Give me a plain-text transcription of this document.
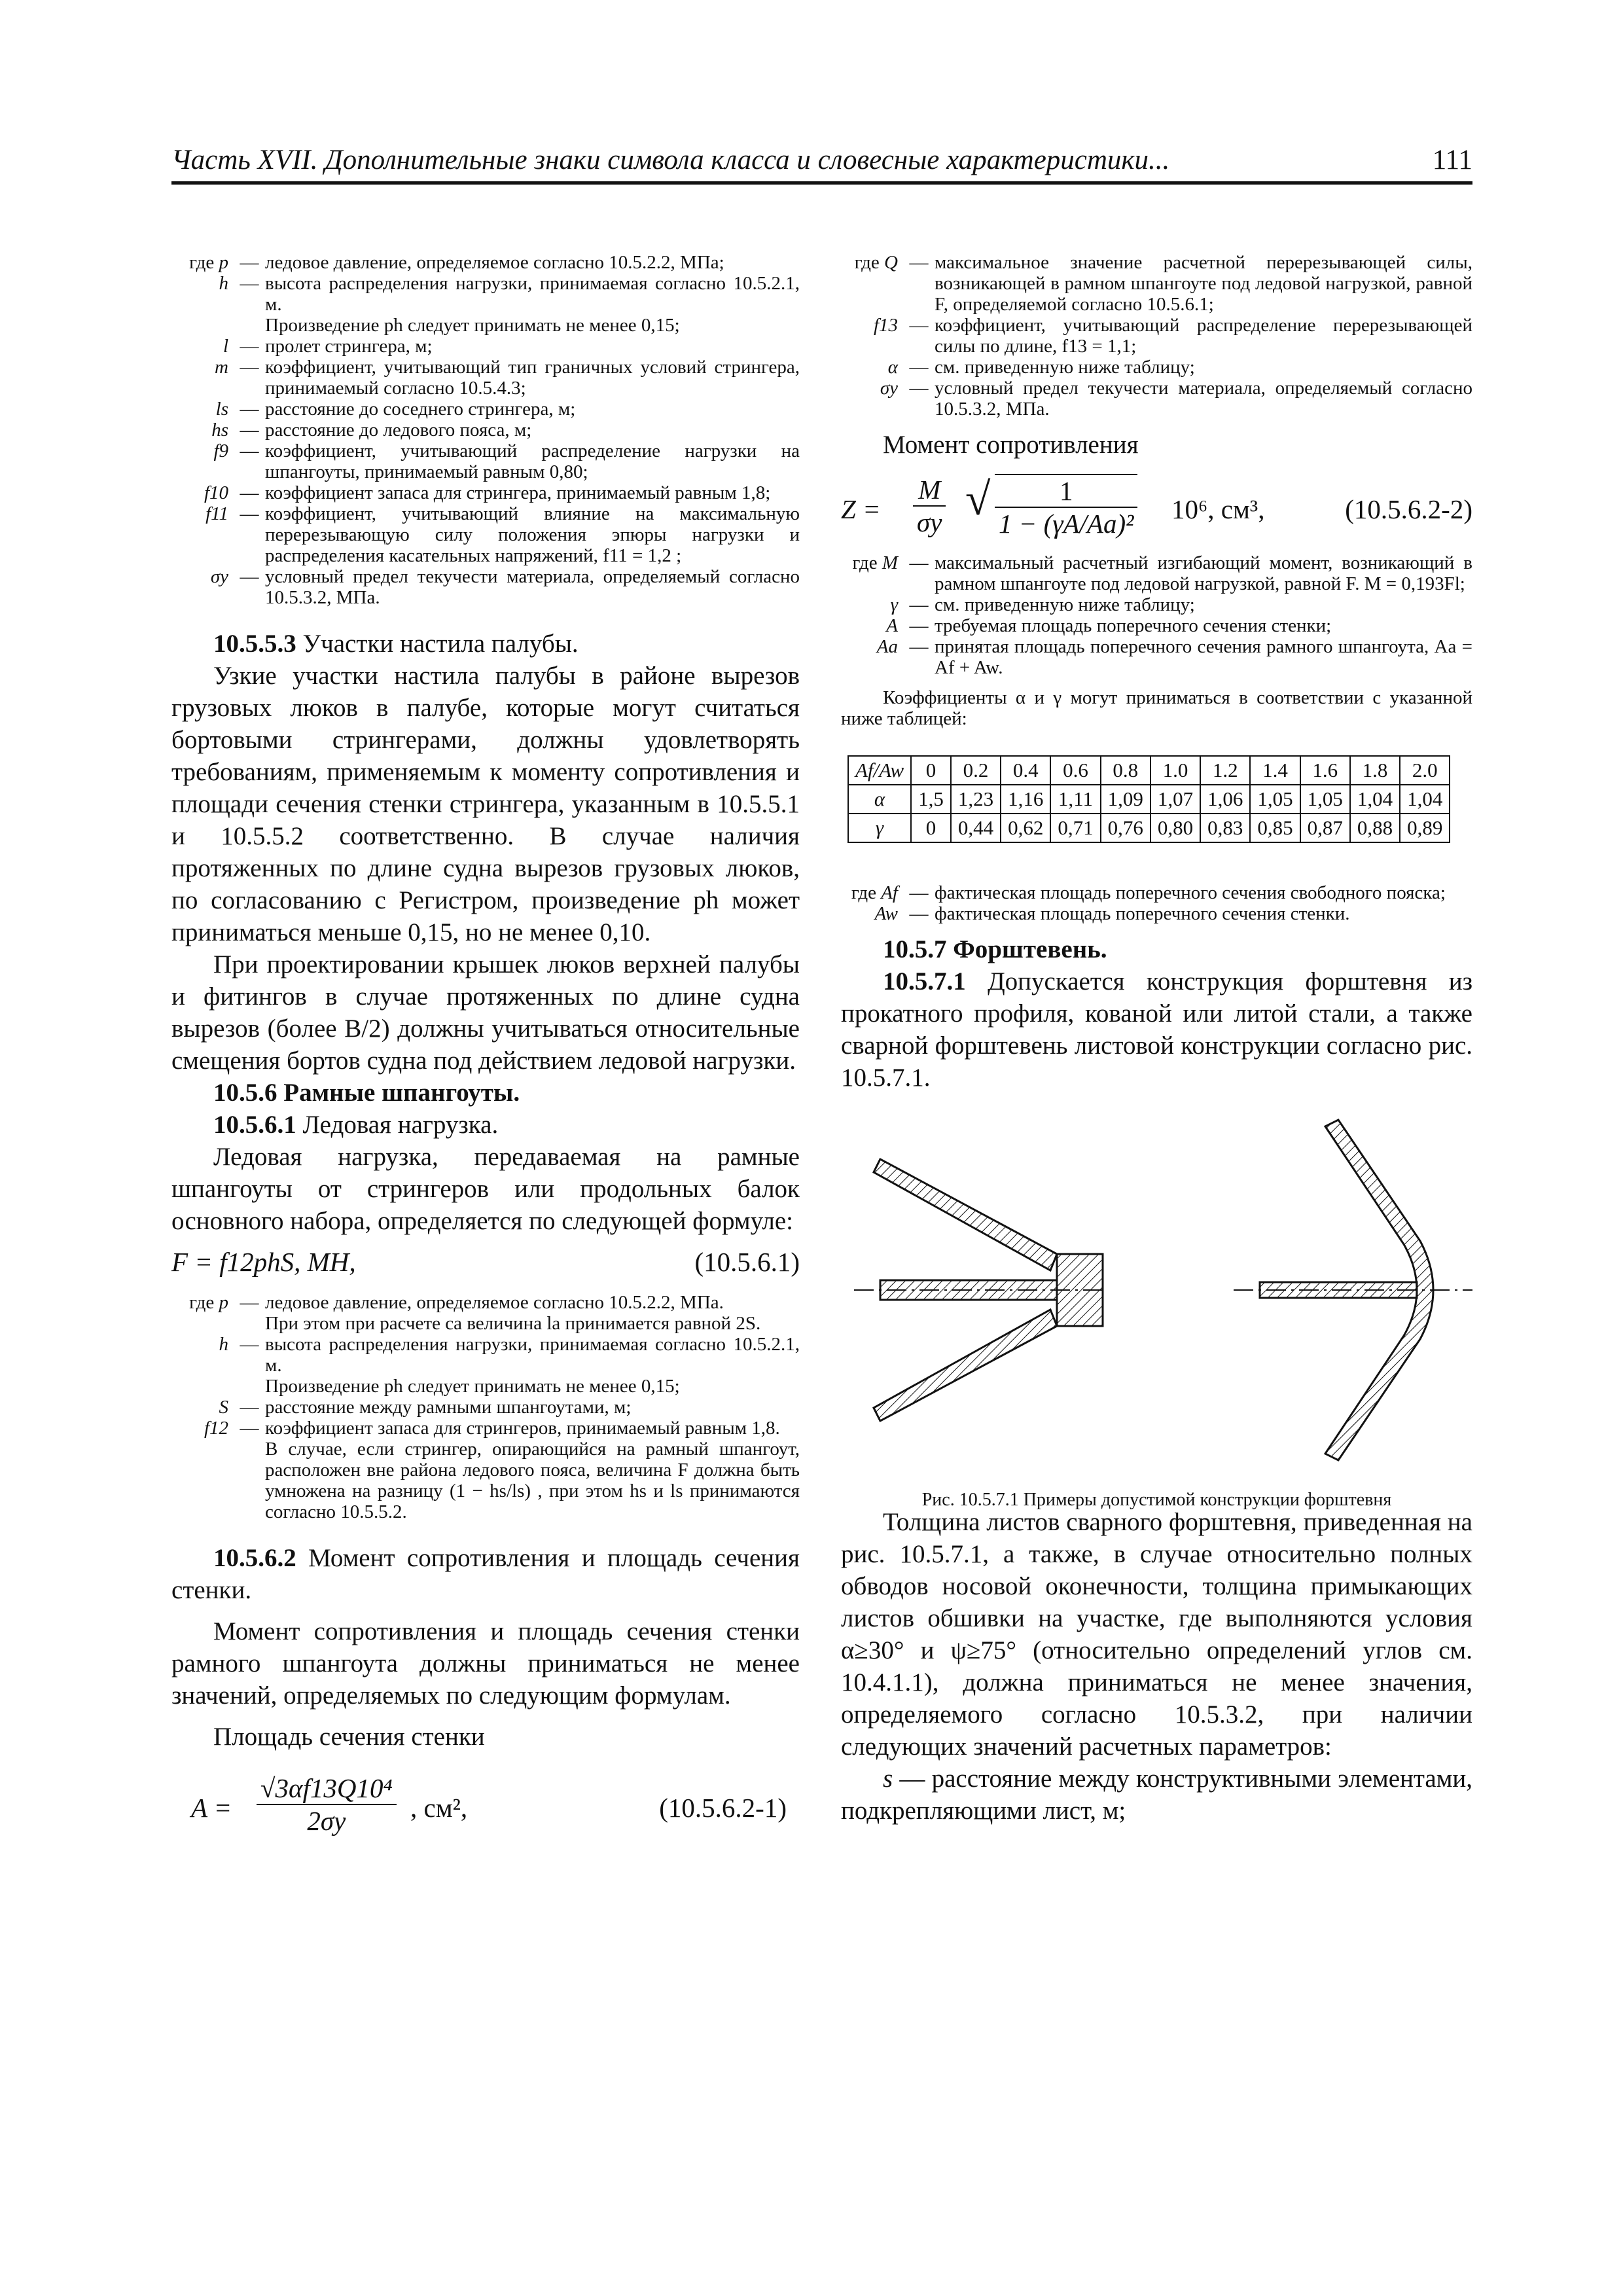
Часть XVII. Дополнительные знаки символа класса и словесные характеристики...	111
где p — ледовое давление, определяемое согласно 10.5.2.2, МПа;
h — высота распределения нагрузки, принимаемая согласно 10.5.2.1, м.
Произведение ph следует принимать не менее 0,15;
l — пролет стрингера, м;
m — коэффициент, учитывающий тип граничных условий стрингера, принимаемый согласно 10.5.4.3;
ls — расстояние до соседнего стрингера, м;
hs — расстояние до ледового пояса, м;
f9 — коэффициент, учитывающий распределение нагрузки на шпангоуты, принимаемый равным 0,80;
f10 — коэффициент запаса для стрингера, принимаемый равным 1,8;
f11 — коэффициент, учитывающий влияние на максимальную перерезывающую силу положения эпюры нагрузки и распределения касательных напряжений, f11 = 1,2 ;
σy — условный предел текучести материала, определяемый согласно 10.5.3.2, МПа.

10.5.5.3 Участки настила палубы.

Узкие участки настила палубы в районе вырезов грузовых люков в палубе, которые могут считаться бортовыми стрингерами, должны удовлетворять требованиям, применяемым к моменту сопротивления и площади сечения стенки стрингера, указанным в 10.5.5.1 и 10.5.5.2 соответственно. В случае наличия протяженных по длине судна вырезов грузовых люков, по согласованию с Регистром, произведение ph может приниматься меньше 0,15, но не менее 0,10.

При проектировании крышек люков верхней палубы и фитингов в случае протяженных по длине судна вырезов (более B/2) должны учитываться относительные смещения бортов судна под действием ледовой нагрузки.

10.5.6 Рамные шпангоуты.

10.5.6.1 Ледовая нагрузка.

Ледовая нагрузка, передаваемая на рамные шпангоуты от стрингеров или продольных балок основного набора, определяется по следующей формуле:

F = f12phS, МН,	(10.5.6.1)
где p — ледовое давление, определяемое согласно 10.5.2.2, МПа.
При этом при расчете ca величина la принимается равной 2S.
h — высота распределения нагрузки, принимаемая согласно 10.5.2.1, м.
Произведение ph следует принимать не менее 0,15;
S — расстояние между рамными шпангоутами, м;
f12 — коэффициент запаса для стрингеров, принимаемый равным 1,8.
В случае, если стрингер, опирающийся на рамный шпангоут, расположен вне района ледового пояса, величина F должна быть умножена на разницу (1 − hs/ls) , при этом hs и ls принимаются согласно 10.5.5.2.

10.5.6.2 Момент сопротивления и площадь сечения стенки.

Момент сопротивления и площадь сечения стенки рамного шпангоута должны приниматься не менее значений, определяемых по следующим формулам.

Площадь сечения стенки

$A = \frac{\text{√3αf13Q10⁴}}{2\sigma y}$ , см²,	(10.5.6.2-1)
где Q — максимальное значение расчетной перерезывающей силы, возникающей в рамном шпангоуте под ледовой нагрузкой, равной F, определяемой согласно 10.5.6.1;
f13 — коэффициент, учитывающий распределение перерезывающей силы по длине, f13 = 1,1;
α — см. приведенную ниже таблицу;
σy — условный предел текучести материала, определяемый согласно 10.5.3.2, МПа.

Момент сопротивления

$Z = \frac{M}{\sigma y}$ √ $\frac{1}{\text{1 − (γA/Aa)²}} 10^6$, см³,	(10.5.6.2-2)
где M — максимальный расчетный изгибающий момент, возникающий в рамном шпангоуте под ледовой нагрузкой, равной F. M = 0,193Fl;
γ — см. приведенную ниже таблицу;
A — требуемая площадь поперечного сечения стенки;
Aa — принятая площадь поперечного сечения рамного шпангоута, Aa = Af + Aw.

Коэффициенты α и γ могут приниматься в соответствии с указанной ниже таблицей:

Af/Aw	0	0.2	0.4	0.6	0.8	1.0	1.2	1.4	1.6	1.8	2.0
α	1,5	1,23	1,16	1,11	1,09	1,07	1,06	1,05	1,05	1,04	1,04
γ	0	0,44	0,62	0,71	0,76	0,80	0,83	0,85	0,87	0,88	0,89
где Af — фактическая площадь поперечного сечения свободного пояска;
Aw — фактическая площадь поперечного сечения стенки.

10.5.7 Форштевень.

10.5.7.1 Допускается конструкция форштевня из прокатного профиля, кованой или литой стали, а также сварной форштевень листовой конструкции согласно рис. 10.5.7.1.

Рис. 10.5.7.1 Примеры допустимой конструкции форштевня

Толщина листов сварного форштевня, приведенная на рис. 10.5.7.1, а также, в случае относительно полных обводов носовой оконечности, толщина примыкающих листов обшивки на участке, где выполняются условия α≥30° и ψ≥75° (относительно определений углов см. 10.4.1.1), должна приниматься не менее значения, определяемого согласно 10.5.3.2, при наличии следующих значений расчетных параметров:

s — расстояние между конструктивными элементами, подкрепляющими лист, м;
